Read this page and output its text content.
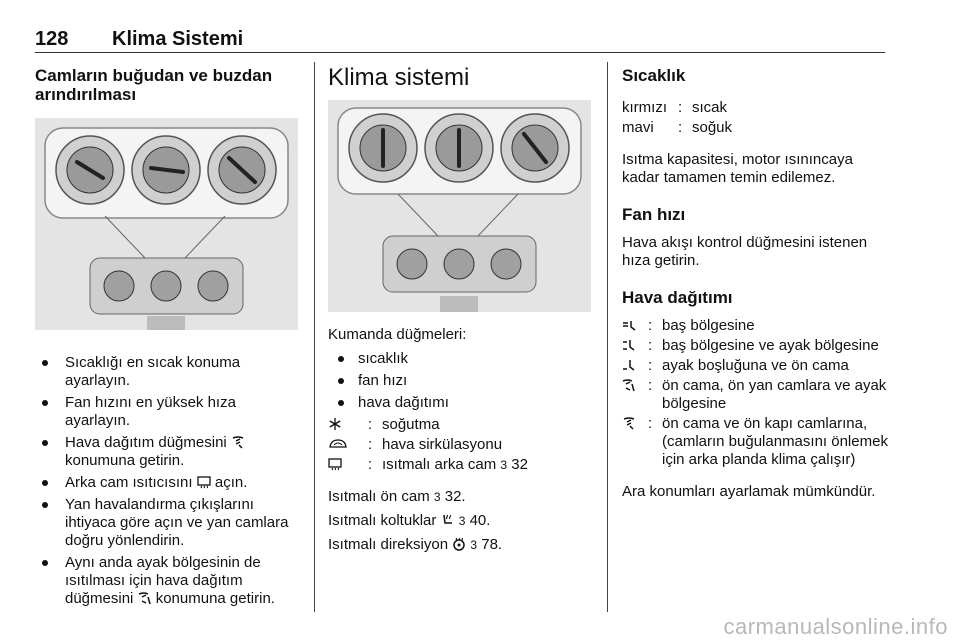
128 Klima Sistemi
Camların buğudan ve buzdan arındırılması
Sıcaklığı en sıcak konuma ayarlayın.
Fan hızını en yüksek hıza ayarlayın.
Hava dağıtım düğmesini  konumuna getirin.
Arka cam ısıtıcısını  açın.
Yan havalandırma çıkışlarını ihtiyaca göre açın ve yan camlara doğru yönlendirin.
Aynı anda ayak bölgesinin de ısıtılması için hava dağıtım düğmesini  konumuna getirin.
Klima sistemi

Kumanda düğmeleri:

sıcaklık
fan hızı
hava dağıtımı
: soğutma
: hava sirkülasyonu
: ısıtmalı arka cam 3 32

Isıtmalı ön cam 3 32.

Isıtmalı koltuklar 3 40.

Isıtmalı direksiyon 3 78.

Sıcaklık
kırmızı : sıcak
mavi	: soğuk

Isıtma kapasitesi, motor ısınıncaya kadar tamamen temin edilemez.

Fan hızı

Hava akışı kontrol düğmesini istenen hıza getirin.

Hava dağıtımı
: baş bölgesine
: baş bölgesine ve ayak bölgesine
: ayak boşluğuna ve ön cama
: ön cama, ön yan camlara ve ayak bölgesine
: ön cama ve ön kapı camlarına, (camların buğulanmasını önlemek için arka planda klima çalışır)

Ara konumları ayarlamak mümkündür.

carmanualsonline.info
